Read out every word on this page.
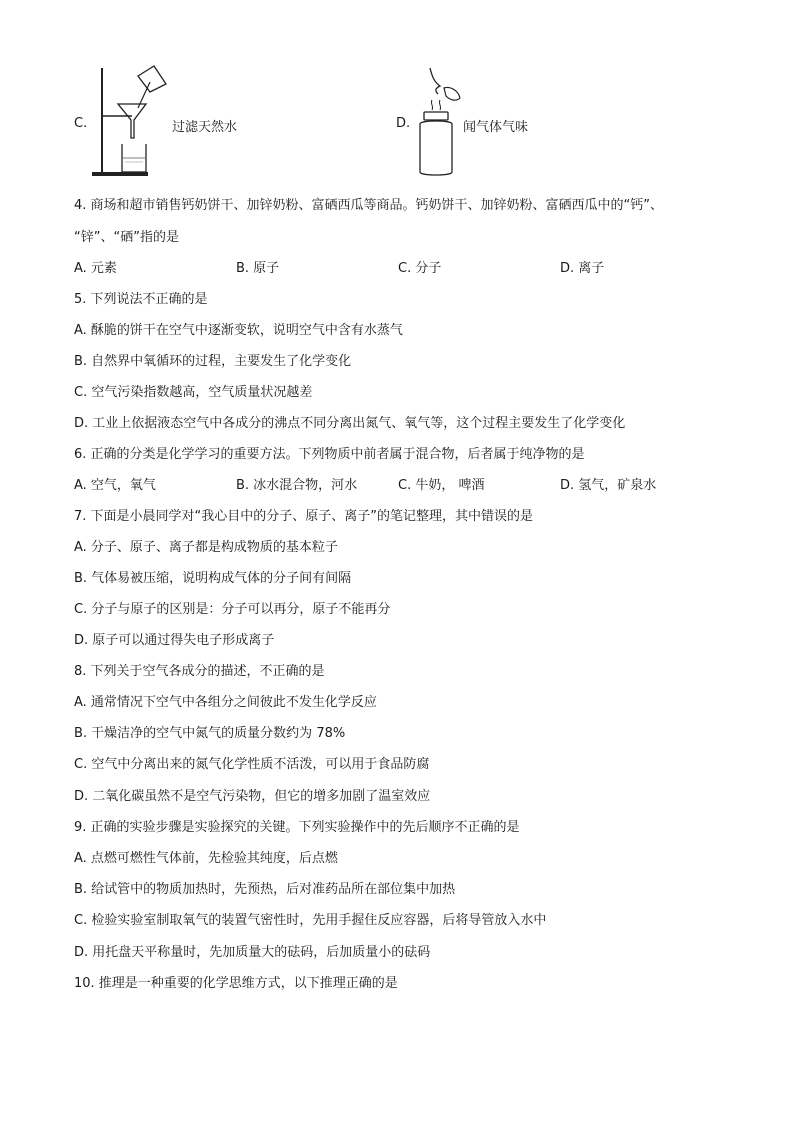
C.	过滤天然水	D.	闻气体气味
4. 商场和超市销售钙奶饼干、加锌奶粉、富硒西瓜等商品。钙奶饼干、加锌奶粉、富硒西瓜中的“钙”、
“锌”、“硒”指的是
A. 元素	B. 原子	C. 分子	D. 离子
5. 下列说法不正确的是
A. 酥脆的饼干在空气中逐渐变软，说明空气中含有水蒸气
B. 自然界中氧循环的过程，主要发生了化学变化
C. 空气污染指数越高，空气质量状况越差
D. 工业上依据液态空气中各成分的沸点不同分离出氮气、氧气等，这个过程主要发生了化学变化
6. 正确的分类是化学学习的重要方法。下列物质中前者属于混合物，后者属于纯净物的是
A. 空气，氧气	B. 冰水混合物，河水	C. 牛奶， 啤酒	D. 氢气，矿泉水
7. 下面是小晨同学对“我心目中的分子、原子、离子”的笔记整理，其中错误的是
A. 分子、原子、离子都是构成物质的基本粒子
B. 气体易被压缩，说明构成气体的分子间有间隔
C. 分子与原子的区别是：分子可以再分，原子不能再分
D. 原子可以通过得失电子形成离子
8. 下列关于空气各成分的描述，不正确的是
A. 通常情况下空气中各组分之间彼此不发生化学反应
B. 干燥洁净的空气中氮气的质量分数约为 78%
C. 空气中分离出来的氮气化学性质不活泼，可以用于食品防腐
D. 二氧化碳虽然不是空气污染物，但它的增多加剧了温室效应
9. 正确的实验步骤是实验探究的关键。下列实验操作中的先后顺序不正确的是
A. 点燃可燃性气体前，先检验其纯度，后点燃
B. 给试管中的物质加热时，先预热，后对准药品所在部位集中加热
C. 检验实验室制取氧气的装置气密性时，先用手握住反应容器，后将导管放入水中
D. 用托盘天平称量时，先加质量大的砝码，后加质量小的砝码
10. 推理是一种重要的化学思维方式，以下推理正确的是
